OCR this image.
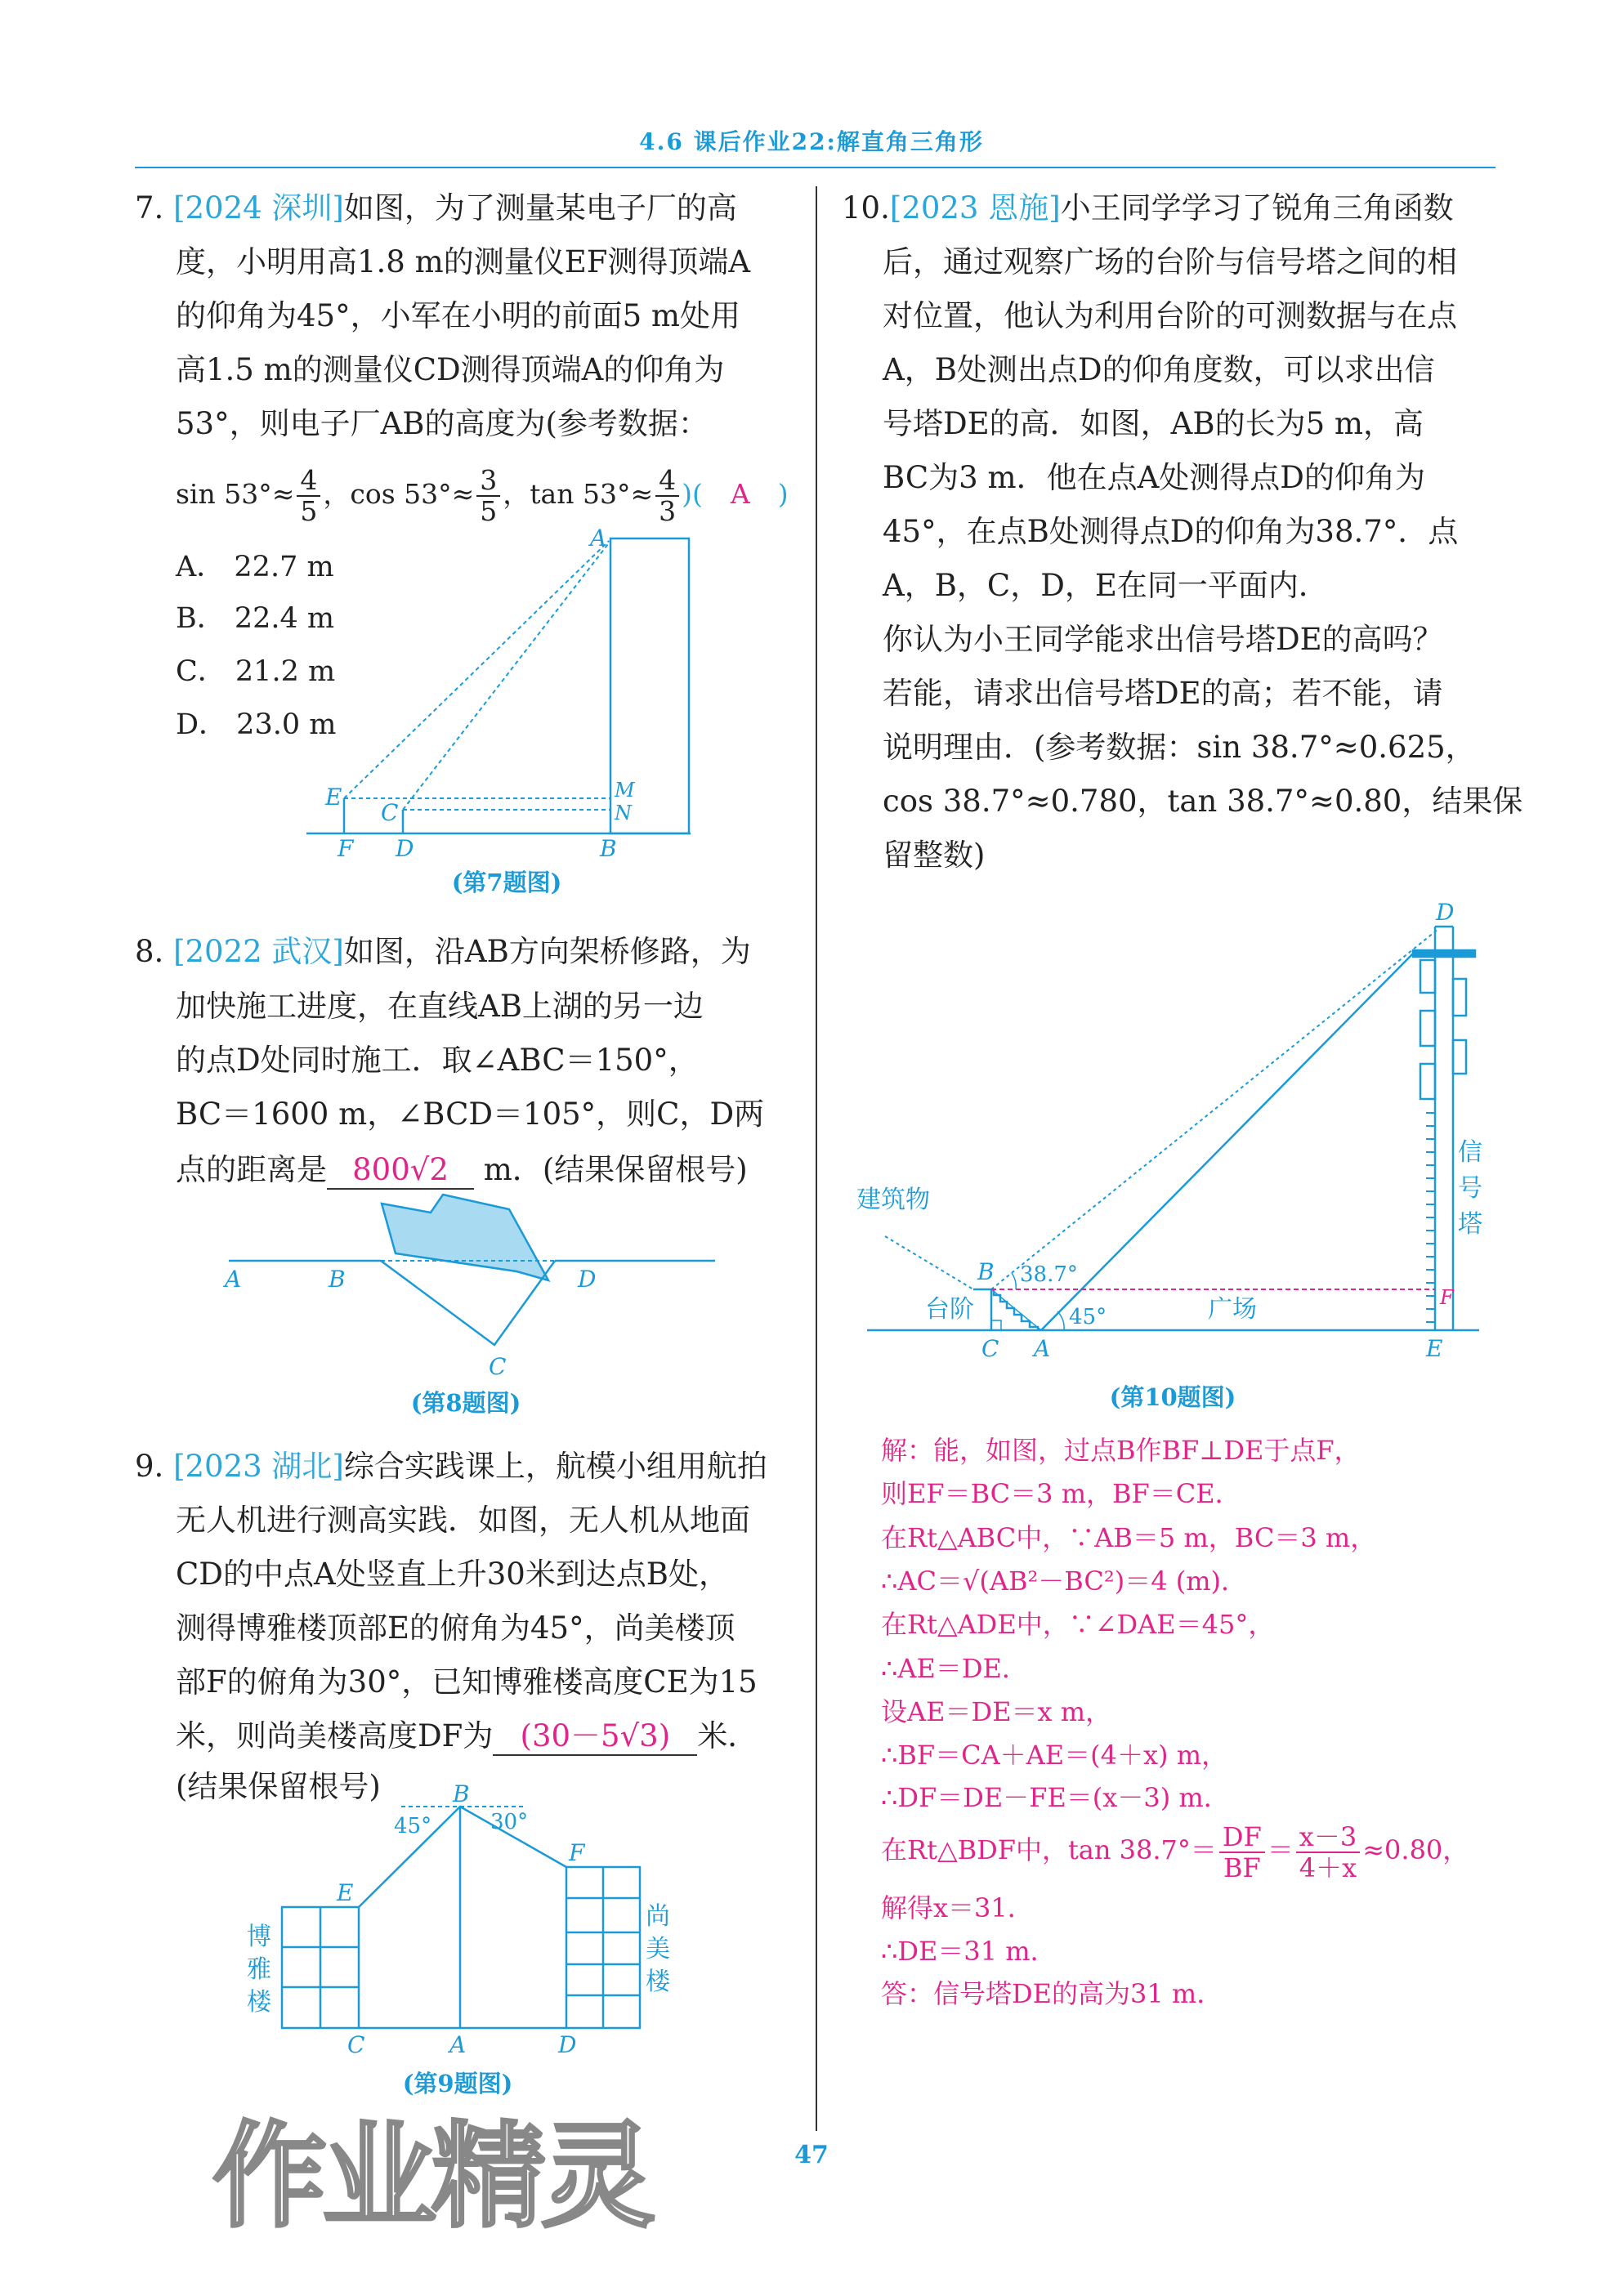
4.6 课后作业22:解直角三角形
7. [2024 深圳]如图，为了测量某电子厂的高
度，小明用高1.8 m的测量仪EF测得顶端A
的仰角为45°，小军在小明的前面5 m处用
高1.5 m的测量仪CD测得顶端A的仰角为
53°，则电子厂AB的高度为(参考数据：
$\sin 53^\circ\approx \frac{4}{5}$ ，$\cos 53^\circ\approx \frac{3}{5}$ ，$\tan 53^\circ\approx \frac{4}{3}$ )( A )
A． 22.7 m
B． 22.4 m
C． 21.2 m
D． 23.0 m
(第7题图)
8. [2022 武汉]如图，沿AB方向架桥修路，为
加快施工进度，在直线AB上湖的另一边
的点D处同时施工．取∠ABC＝150°，
BC＝1600 m，∠BCD＝105°，则C，D两
点的距离是 800√2 m．(结果保留根号)
(第8题图)
9. [2023 湖北]综合实践课上，航模小组用航拍
无人机进行测高实践．如图，无人机从地面
CD的中点A处竖直上升30米到达点B处，
测得博雅楼顶部E的俯角为45°，尚美楼顶
部F的俯角为30°，已知博雅楼高度CE为15
米，则尚美楼高度DF为 (30－5√3) 米．
(结果保留根号)
(第9题图)
10.[2023 恩施]小王同学学习了锐角三角函数
后，通过观察广场的台阶与信号塔之间的相
对位置，他认为利用台阶的可测数据与在点
A，B处测出点D的仰角度数，可以求出信
号塔DE的高．如图，AB的长为5 m，高
BC为3 m．他在点A处测得点D的仰角为
45°，在点B处测得点D的仰角为38.7°．点
A，B，C，D，E在同一平面内．
你认为小王同学能求出信号塔DE的高吗？
若能，请求出信号塔DE的高；若不能，请
说明理由．(参考数据：sin 38.7°≈0.625，
cos 38.7°≈0.780，tan 38.7°≈0.80，结果保
留整数)
(第10题图)
解：能，如图，过点B作BF⊥DE于点F，
则EF＝BC＝3 m，BF＝CE．
在Rt△ABC中，∵AB＝5 m，BC＝3 m，
∴AC＝√(AB²－BC²)＝4 (m)．
在Rt△ADE中，∵∠DAE＝45°，
∴AE＝DE．
设AE＝DE＝x m，
∴BF＝CA＋AE＝(4＋x) m，
∴DF＝DE－FE＝(x－3) m．
在Rt△BDF中，$\tan 38.7^\circ= \frac{DF}{BF} = \frac{x-3}{4+x} \approx 0.80$，
解得x＝31．
∴DE＝31 m．
答：信号塔DE的高为31 m．
A
E
C
M
N
F D	B
A	B
C
D
B
E
F
C	A	D
45°	30°
博
雅
楼
尚
美
楼
D
B
C A	E
F
38.7°
45°
建筑物
台阶	广场
信
号
塔
作业精灵	47
